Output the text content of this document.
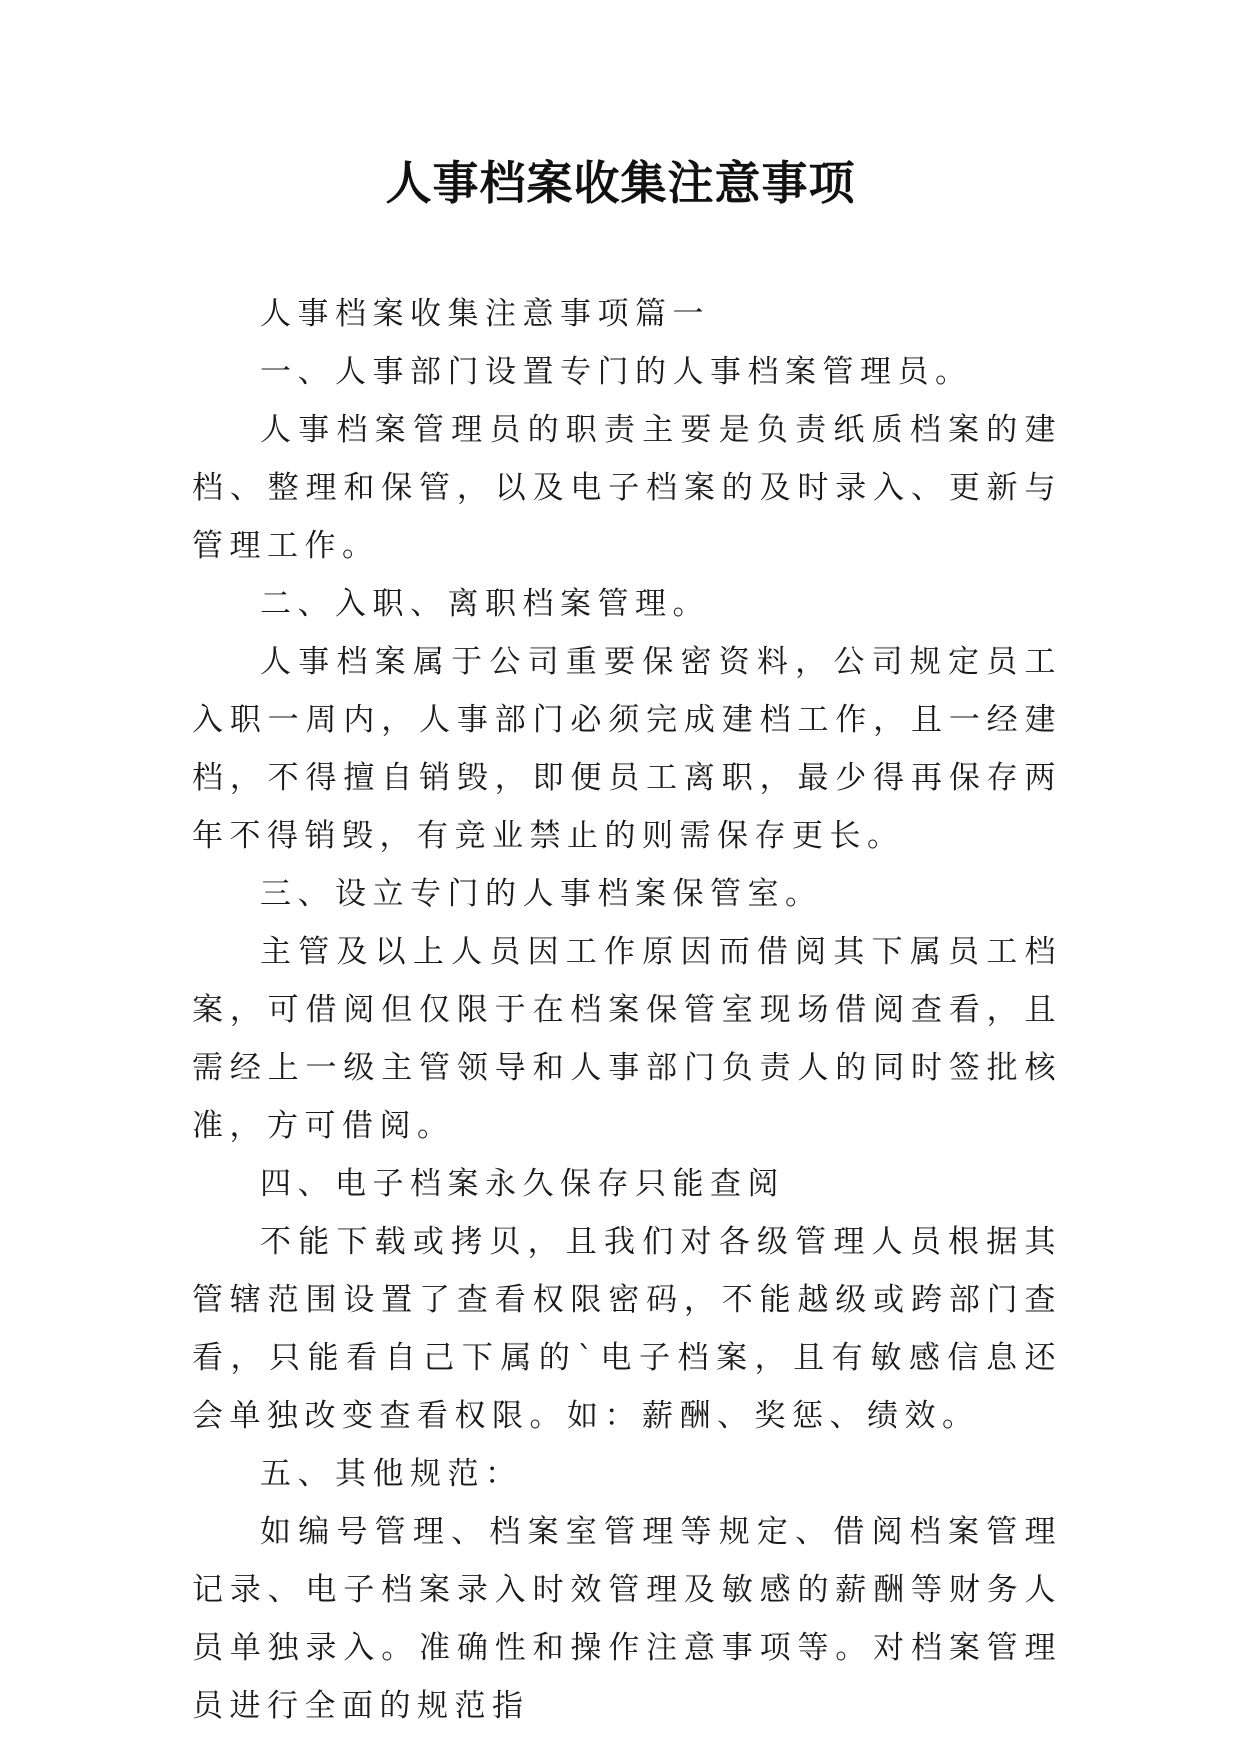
人事档案收集注意事项

人事档案收集注意事项篇一

一、人事部门设置专门的人事档案管理员。

人事档案管理员的职责主要是负责纸质档案的建档、整理和保管，以及电子档案的及时录入、更新与管理工作。

二、入职、离职档案管理。

人事档案属于公司重要保密资料，公司规定员工入职一周内，人事部门必须完成建档工作，且一经建档，不得擅自销毁，即便员工离职，最少得再保存两年不得销毁，有竞业禁止的则需保存更长。

三、设立专门的人事档案保管室。

主管及以上人员因工作原因而借阅其下属员工档案，可借阅但仅限于在档案保管室现场借阅查看，且需经上一级主管领导和人事部门负责人的同时签批核准，方可借阅。

四、电子档案永久保存只能查阅

不能下载或拷贝，且我们对各级管理人员根据其管辖范围设置了查看权限密码，不能越级或跨部门查看，只能看自己下属的`电子档案，且有敏感信息还会单独改变查看权限。如：薪酬、奖惩、绩效。

五、其他规范：

如编号管理、档案室管理等规定、借阅档案管理记录、电子档案录入时效管理及敏感的薪酬等财务人员单独录入。准确性和操作注意事项等。对档案管理员进行全面的规范指
